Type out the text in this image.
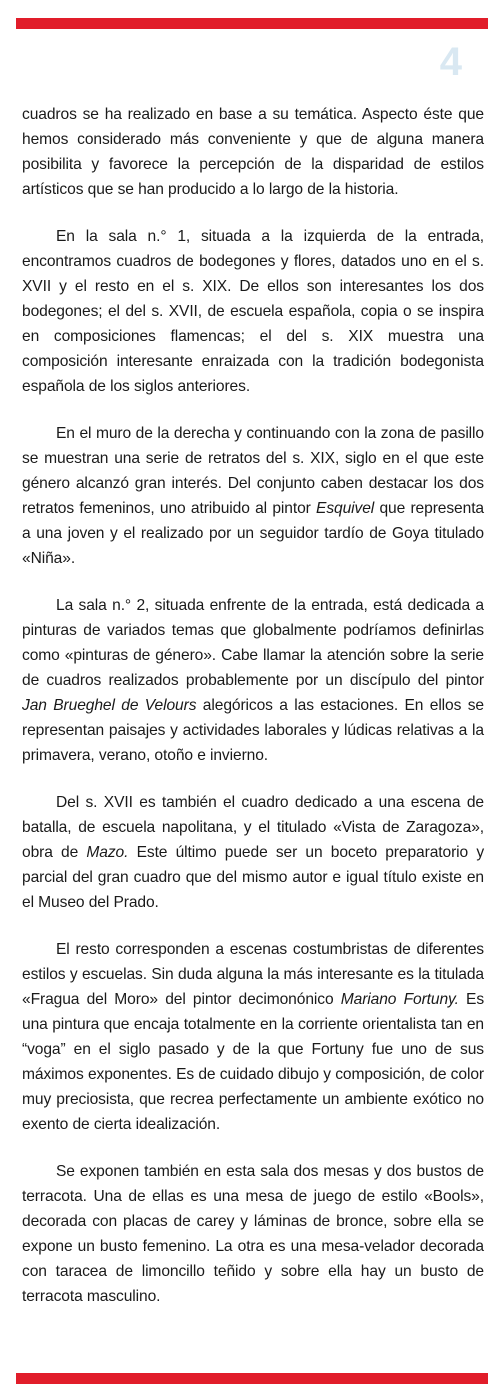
4

cuadros se ha realizado en base a su temática. Aspecto éste que hemos considerado más conveniente y que de alguna manera posibilita y favorece la percepción de la disparidad de estilos artísticos que se han producido a lo largo de la historia.

En la sala n.° 1, situada a la izquierda de la entrada, encontramos cuadros de bodegones y flores, datados uno en el s. XVII y el resto en el s. XIX. De ellos son interesantes los dos bodegones; el del s. XVII, de escuela española, copia o se inspira en composiciones flamencas; el del s. XIX muestra una composición interesante enraizada con la tradición bodegonista española de los siglos anteriores.

En el muro de la derecha y continuando con la zona de pasillo se muestran una serie de retratos del s. XIX, siglo en el que este género alcanzó gran interés. Del conjunto caben destacar los dos retratos femeninos, uno atribuido al pintor Esquivel que representa a una joven y el realizado por un seguidor tardío de Goya titulado «Niña».

La sala n.° 2, situada enfrente de la entrada, está dedicada a pinturas de variados temas que globalmente podríamos definirlas como «pinturas de género». Cabe llamar la atención sobre la serie de cuadros realizados probablemente por un discípulo del pintor Jan Brueghel de Velours alegóricos a las estaciones. En ellos se representan paisajes y actividades laborales y lúdicas relativas a la primavera, verano, otoño e invierno.

Del s. XVII es también el cuadro dedicado a una escena de batalla, de escuela napolitana, y el titulado «Vista de Zaragoza», obra de Mazo. Este último puede ser un boceto preparatorio y parcial del gran cuadro que del mismo autor e igual título existe en el Museo del Prado.

El resto corresponden a escenas costumbristas de diferentes estilos y escuelas. Sin duda alguna la más interesante es la titulada «Fragua del Moro» del pintor decimonónico Mariano Fortuny. Es una pintura que encaja totalmente en la corriente orientalista tan en “voga” en el siglo pasado y de la que Fortuny fue uno de sus máximos exponentes. Es de cuidado dibujo y composición, de color muy preciosista, que recrea perfectamente un ambiente exótico no exento de cierta idealización.

Se exponen también en esta sala dos mesas y dos bustos de terracota. Una de ellas es una mesa de juego de estilo «Bools», decorada con placas de carey y láminas de bronce, sobre ella se expone un busto femenino. La otra es una mesa-velador decorada con taracea de limoncillo teñido y sobre ella hay un busto de terracota masculino.
